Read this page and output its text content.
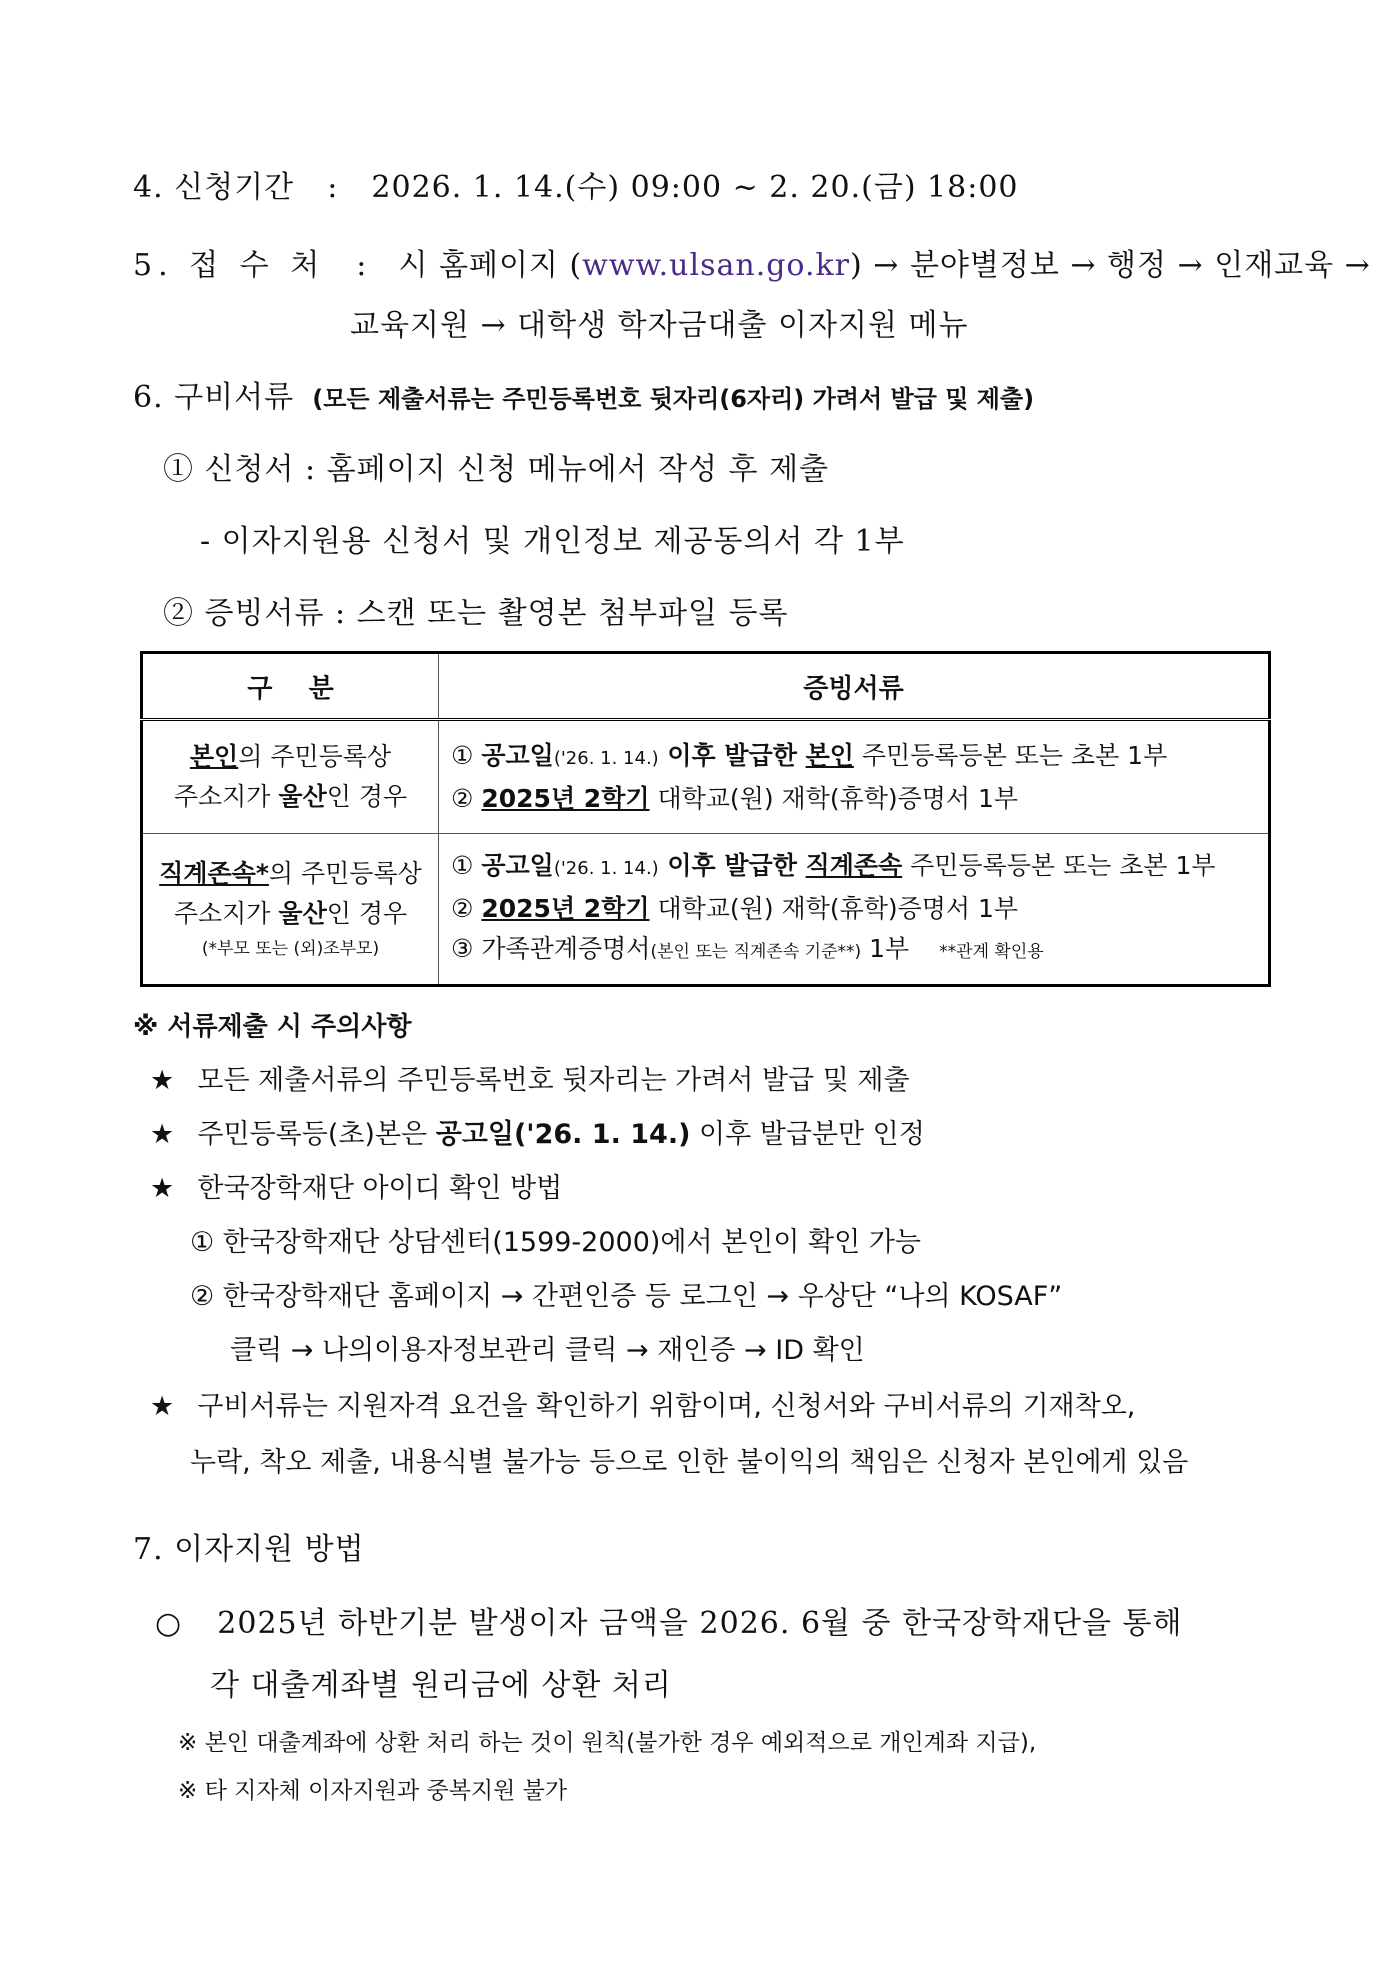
4. 신청기간 : 2026. 1. 14.(수) 09:00 ~ 2. 20.(금) 18:00
5. 접 수 처 : 시 홈페이지 (www.ulsan.go.kr) → 분야별정보 → 행정 → 인재교육 →
교육지원 → 대학생 학자금대출 이자지원 메뉴
6. 구비서류 (모든 제출서류는 주민등록번호 뒷자리(6자리) 가려서 발급 및 제출)
① 신청서 : 홈페이지 신청 메뉴에서 작성 후 제출
- 이자지원용 신청서 및 개인정보 제공동의서 각 1부
② 증빙서류 : 스캔 또는 촬영본 첨부파일 등록
구    분	증빙서류
본인의 주민등록상
주소지가 울산인 경우	① 공고일('26. 1. 14.) 이후 발급한 본인 주민등록등본 또는 초본 1부
② 2025년 2학기 대학교(원) 재학(휴학)증명서 1부

직계존속*의 주민등록상
주소지가 울산인 경우
(*부모 또는 (외)조부모)	① 공고일('26. 1. 14.) 이후 발급한 직계존속 주민등록등본 또는 초본 1부
② 2025년 2학기 대학교(원) 재학(휴학)증명서 1부
③ 가족관계증명서(본인 또는 직계존속 기준**) 1부 **관계 확인용
※ 서류제출 시 주의사항
★ 모든 제출서류의 주민등록번호 뒷자리는 가려서 발급 및 제출
★ 주민등록등(초)본은 공고일('26. 1. 14.) 이후 발급분만 인정
★ 한국장학재단 아이디 확인 방법
① 한국장학재단 상담센터(1599-2000)에서 본인이 확인 가능
② 한국장학재단 홈페이지 → 간편인증 등 로그인 → 우상단 “나의 KOSAF”
클릭 → 나의이용자정보관리 클릭 → 재인증 → ID 확인
★ 구비서류는 지원자격 요건을 확인하기 위함이며, 신청서와 구비서류의 기재착오,
누락, 착오 제출, 내용식별 불가능 등으로 인한 불이익의 책임은 신청자 본인에게 있음
7. 이자지원 방법
○ 2025년 하반기분 발생이자 금액을 2026. 6월 중 한국장학재단을 통해
각 대출계좌별 원리금에 상환 처리
※ 본인 대출계좌에 상환 처리 하는 것이 원칙(불가한 경우 예외적으로 개인계좌 지급),
※ 타 지자체 이자지원과 중복지원 불가
